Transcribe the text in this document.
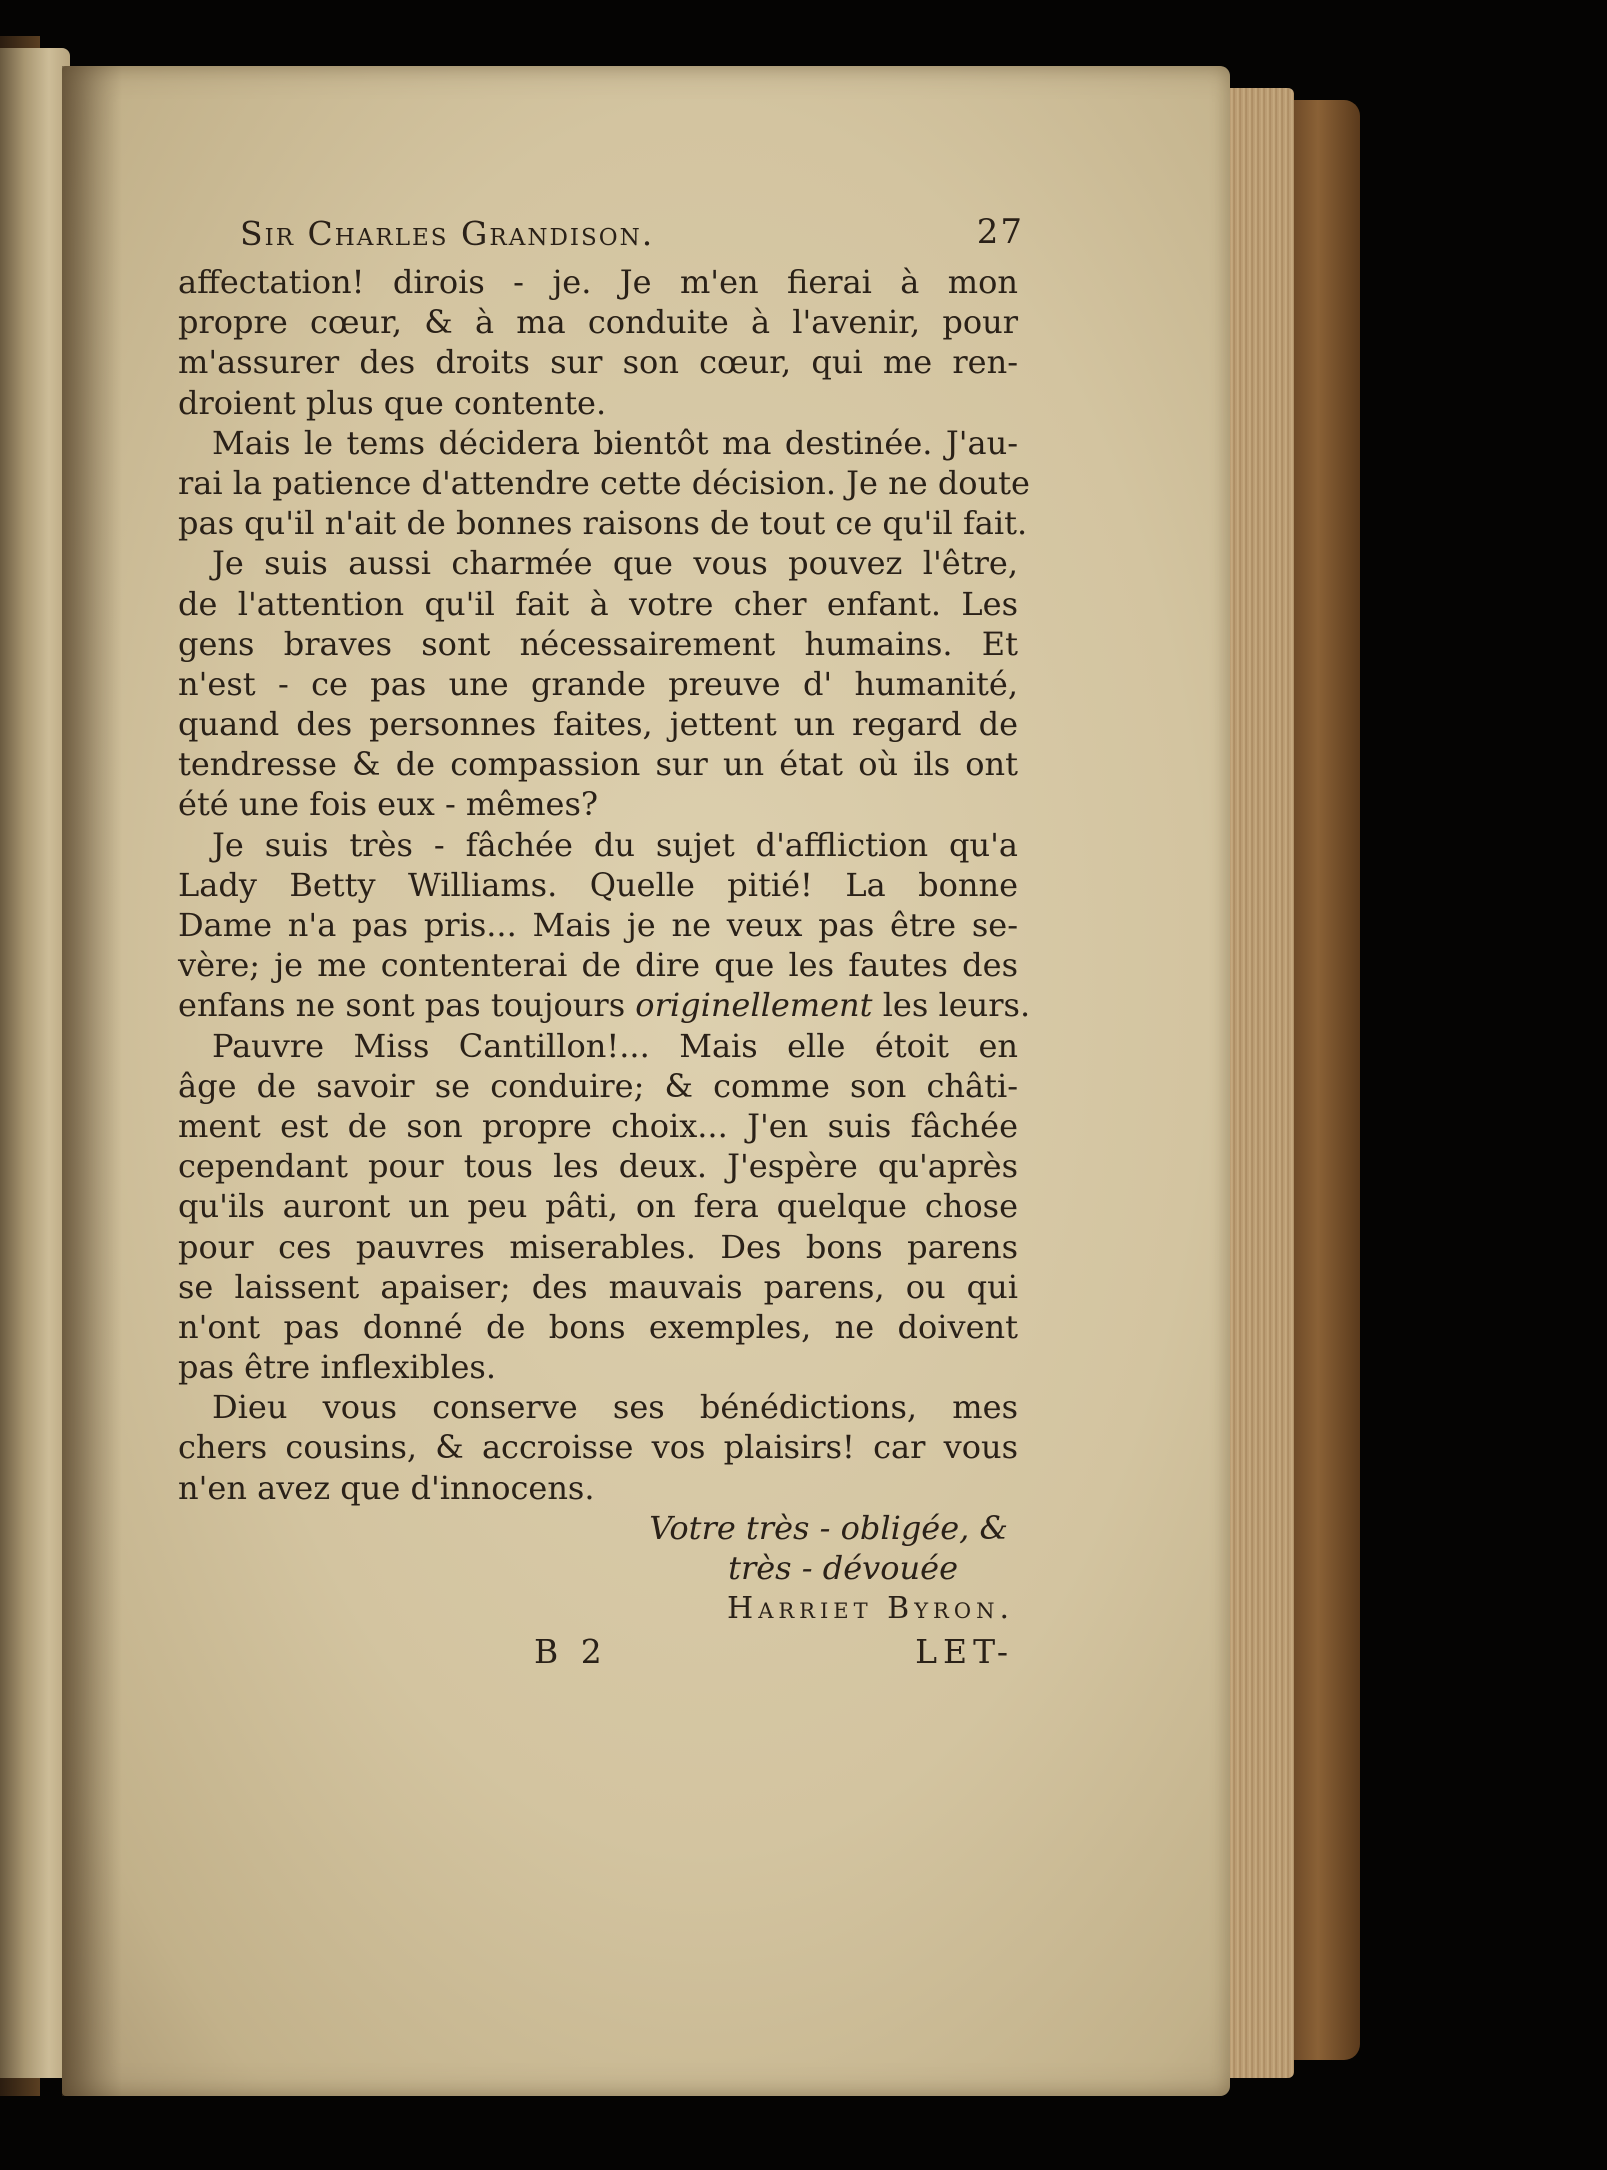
Sir Charles Grandison.	27
affectation! dirois - je. Je m'en fierai à mon
propre cœur, & à ma conduite à l'avenir, pour
m'assurer des droits sur son cœur, qui me ren-
droient plus que contente.
Mais le tems décidera bientôt ma destinée. J'au-
rai la patience d'attendre cette décision. Je ne doute
pas qu'il n'ait de bonnes raisons de tout ce qu'il fait.
Je suis aussi charmée que vous pouvez l'être,
de l'attention qu'il fait à votre cher enfant. Les
gens braves sont nécessairement humains. Et
n'est - ce pas une grande preuve d' humanité,
quand des personnes faites, jettent un regard de
tendresse & de compassion sur un état où ils ont
été une fois eux - mêmes?
Je suis très - fâchée du sujet d'affliction qu'a
Lady Betty Williams. Quelle pitié! La bonne
Dame n'a pas pris... Mais je ne veux pas être se-
vère; je me contenterai de dire que les fautes des
enfans ne sont pas toujours originellement les leurs.
Pauvre Miss Cantillon!... Mais elle étoit en
âge de savoir se conduire; & comme son châti-
ment est de son propre choix... J'en suis fâchée
cependant pour tous les deux. J'espère qu'après
qu'ils auront un peu pâti, on fera quelque chose
pour ces pauvres miserables. Des bons parens
se laissent apaiser; des mauvais parens, ou qui
n'ont pas donné de bons exemples, ne doivent
pas être inflexibles.
Dieu vous conserve ses bénédictions, mes
chers cousins, & accroisse vos plaisirs! car vous
n'en avez que d'innocens.
Votre très - obligée, &
très - dévouée
Harriet Byron.
B 2	LET-
